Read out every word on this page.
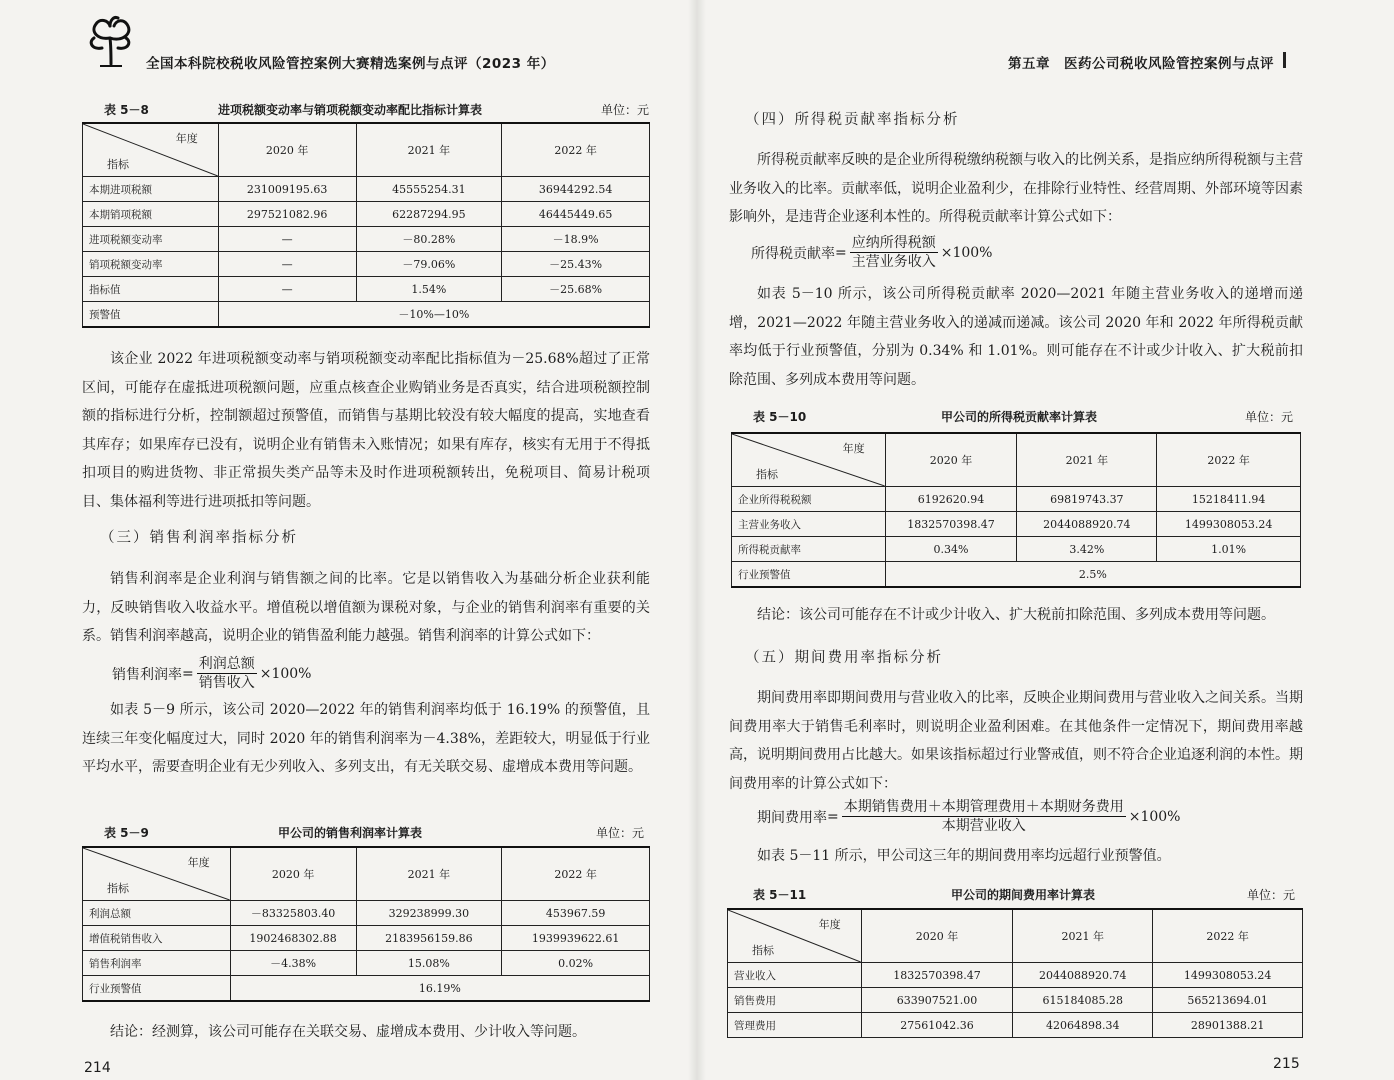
全国本科院校税收风险管控案例大赛精选案例与点评（2023 年）
表 5－8	进项税额变动率与销项税额变动率配比指标计算表	单位：元
年度
指标	2020 年	2021 年	2022 年
本期进项税额	231009195.63	45555254.31	36944292.54
本期销项税额	297521082.96	62287294.95	46445449.65
进项税额变动率	—	－80.28%	－18.9%
销项税额变动率	—	－79.06%	－25.43%
指标值	—	1.54%	－25.68%
预警值	－10%—10%		
该企业 2022 年进项税额变动率与销项税额变动率配比指标值为－25.68%超过了正常区间，可能存在虚抵进项税额问题，应重点核查企业购销业务是否真实，结合进项税额控制额的指标进行分析，控制额超过预警值，而销售与基期比较没有较大幅度的提高，实地查看其库存；如果库存已没有，说明企业有销售未入账情况；如果有库存，核实有无用于不得抵扣项目的购进货物、非正常损失类产品等未及时作进项税额转出，免税项目、简易计税项目、集体福利等进行进项抵扣等问题。
（三）销售利润率指标分析
销售利润率是企业利润与销售额之间的比率。它是以销售收入为基础分析企业获利能力，反映销售收入收益水平。增值税以增值额为课税对象，与企业的销售利润率有重要的关系。销售利润率越高，说明企业的销售盈利能力越强。销售利润率的计算公式如下：
销售利润率 = $\frac{\text{利润总额}}{\text{销售收入}} \times 100\%$
如表 5－9 所示，该公司 2020—2022 年的销售利润率均低于 16.19% 的预警值，且连续三年变化幅度过大，同时 2020 年的销售利润率为－4.38%，差距较大，明显低于行业平均水平，需要查明企业有无少列收入、多列支出，有无关联交易、虚增成本费用等问题。
表 5－9	甲公司的销售利润率计算表	单位：元
年度
指标	2020 年	2021 年	2022 年
利润总额	－83325803.40	329238999.30	453967.59
增值税销售收入	1902468302.88	2183956159.86	1939939622.61
销售利润率	－4.38%	15.08%	0.02%
行业预警值	16.19%		
结论：经测算，该公司可能存在关联交易、虚增成本费用、少计收入等问题。
214
第五章　医药公司税收风险管控案例与点评
（四）所得税贡献率指标分析
所得税贡献率反映的是企业所得税缴纳税额与收入的比例关系，是指应纳所得税额与主营业务收入的比率。贡献率低，说明企业盈利少，在排除行业特性、经营周期、外部环境等因素影响外，是违背企业逐利本性的。所得税贡献率计算公式如下：
所得税贡献率 = $\frac{\text{应纳所得税额}}{\text{主营业务收入}} \times 100\%$
如表 5－10 所示，该公司所得税贡献率 2020—2021 年随主营业务收入的递增而递增，2021—2022 年随主营业务收入的递减而递减。该公司 2020 年和 2022 年所得税贡献率均低于行业预警值，分别为 0.34% 和 1.01%。则可能存在不计或少计收入、扩大税前扣除范围、多列成本费用等问题。
表 5－10	甲公司的所得税贡献率计算表	单位：元
年度
指标	2020 年	2021 年	2022 年
企业所得税税额	6192620.94	69819743.37	15218411.94
主营业务收入	1832570398.47	2044088920.74	1499308053.24
所得税贡献率	0.34%	3.42%	1.01%
行业预警值	2.5%		
结论：该公司可能存在不计或少计收入、扩大税前扣除范围、多列成本费用等问题。
（五）期间费用率指标分析
期间费用率即期间费用与营业收入的比率，反映企业期间费用与营业收入之间关系。当期间费用率大于销售毛利率时，则说明企业盈利困难。在其他条件一定情况下，期间费用率越高，说明期间费用占比越大。如果该指标超过行业警戒值，则不符合企业追逐利润的本性。期间费用率的计算公式如下：
期间费用率 = $\frac{\text{本期销售费用＋本期管理费用＋本期财务费用}}{\text{本期营业收入}} \times 100\%$
如表 5－11 所示，甲公司这三年的期间费用率均远超行业预警值。
表 5－11	甲公司的期间费用率计算表	单位：元
年度
指标	2020 年	2021 年	2022 年
营业收入	1832570398.47	2044088920.74	1499308053.24
销售费用	633907521.00	615184085.28	565213694.01
管理费用	27561042.36	42064898.34	28901388.21
215
